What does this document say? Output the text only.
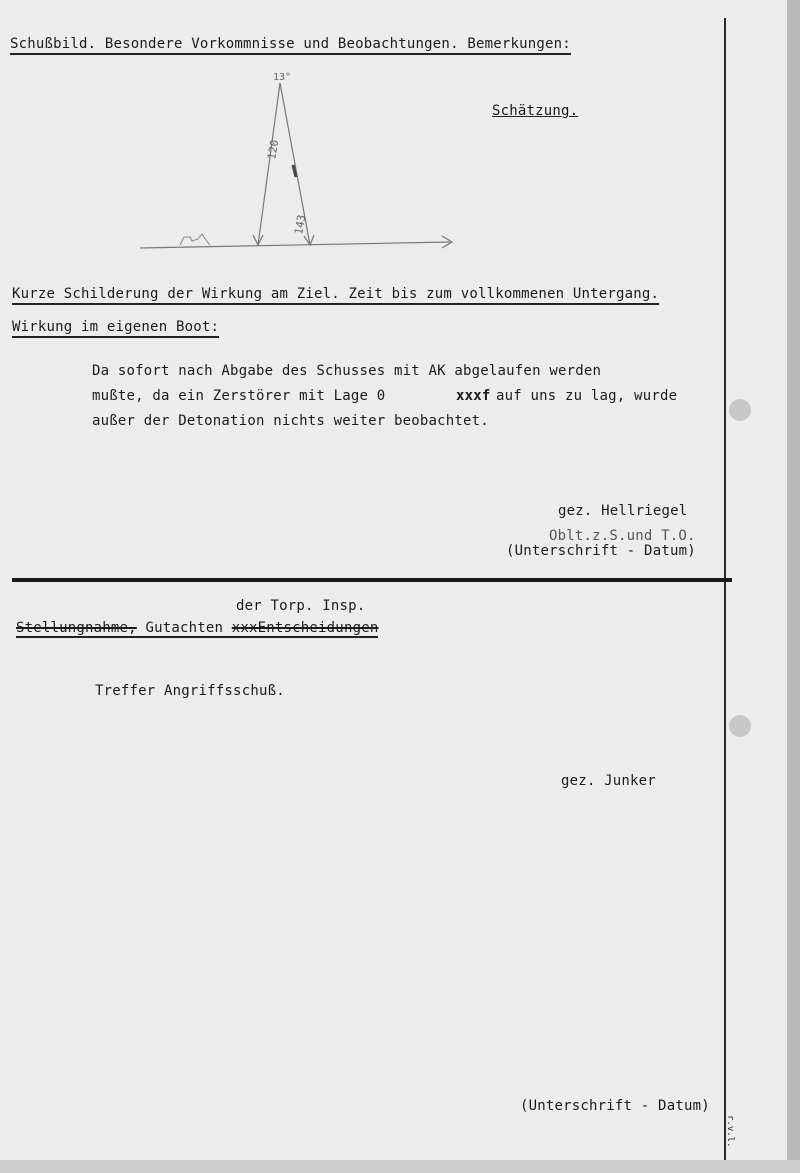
Schußbild. Besondere Vorkommnisse und Beobachtungen. Bemerkungen:
13°
120
143
Schätzung.
Kurze Schilderung der Wirkung am Ziel. Zeit bis zum vollkommenen Untergang.
Wirkung im eigenen Boot:
Da sofort nach Abgabe des Schusses mit AK abgelaufen werden
mußte, da ein Zerstörer mit Lage 0	xxxf auf uns zu lag, wurde
außer der Detonation nichts weiter beobachtet.
gez. Hellriegel
Oblt.z.S.und T.O.
(Unterschrift - Datum)
der Torp. Insp.
Stellungnahme, Gutachten xxxEntscheidungen
Treffer Angriffsschuß.
gez. Junker
(Unterschrift - Datum)
r.v.l.
